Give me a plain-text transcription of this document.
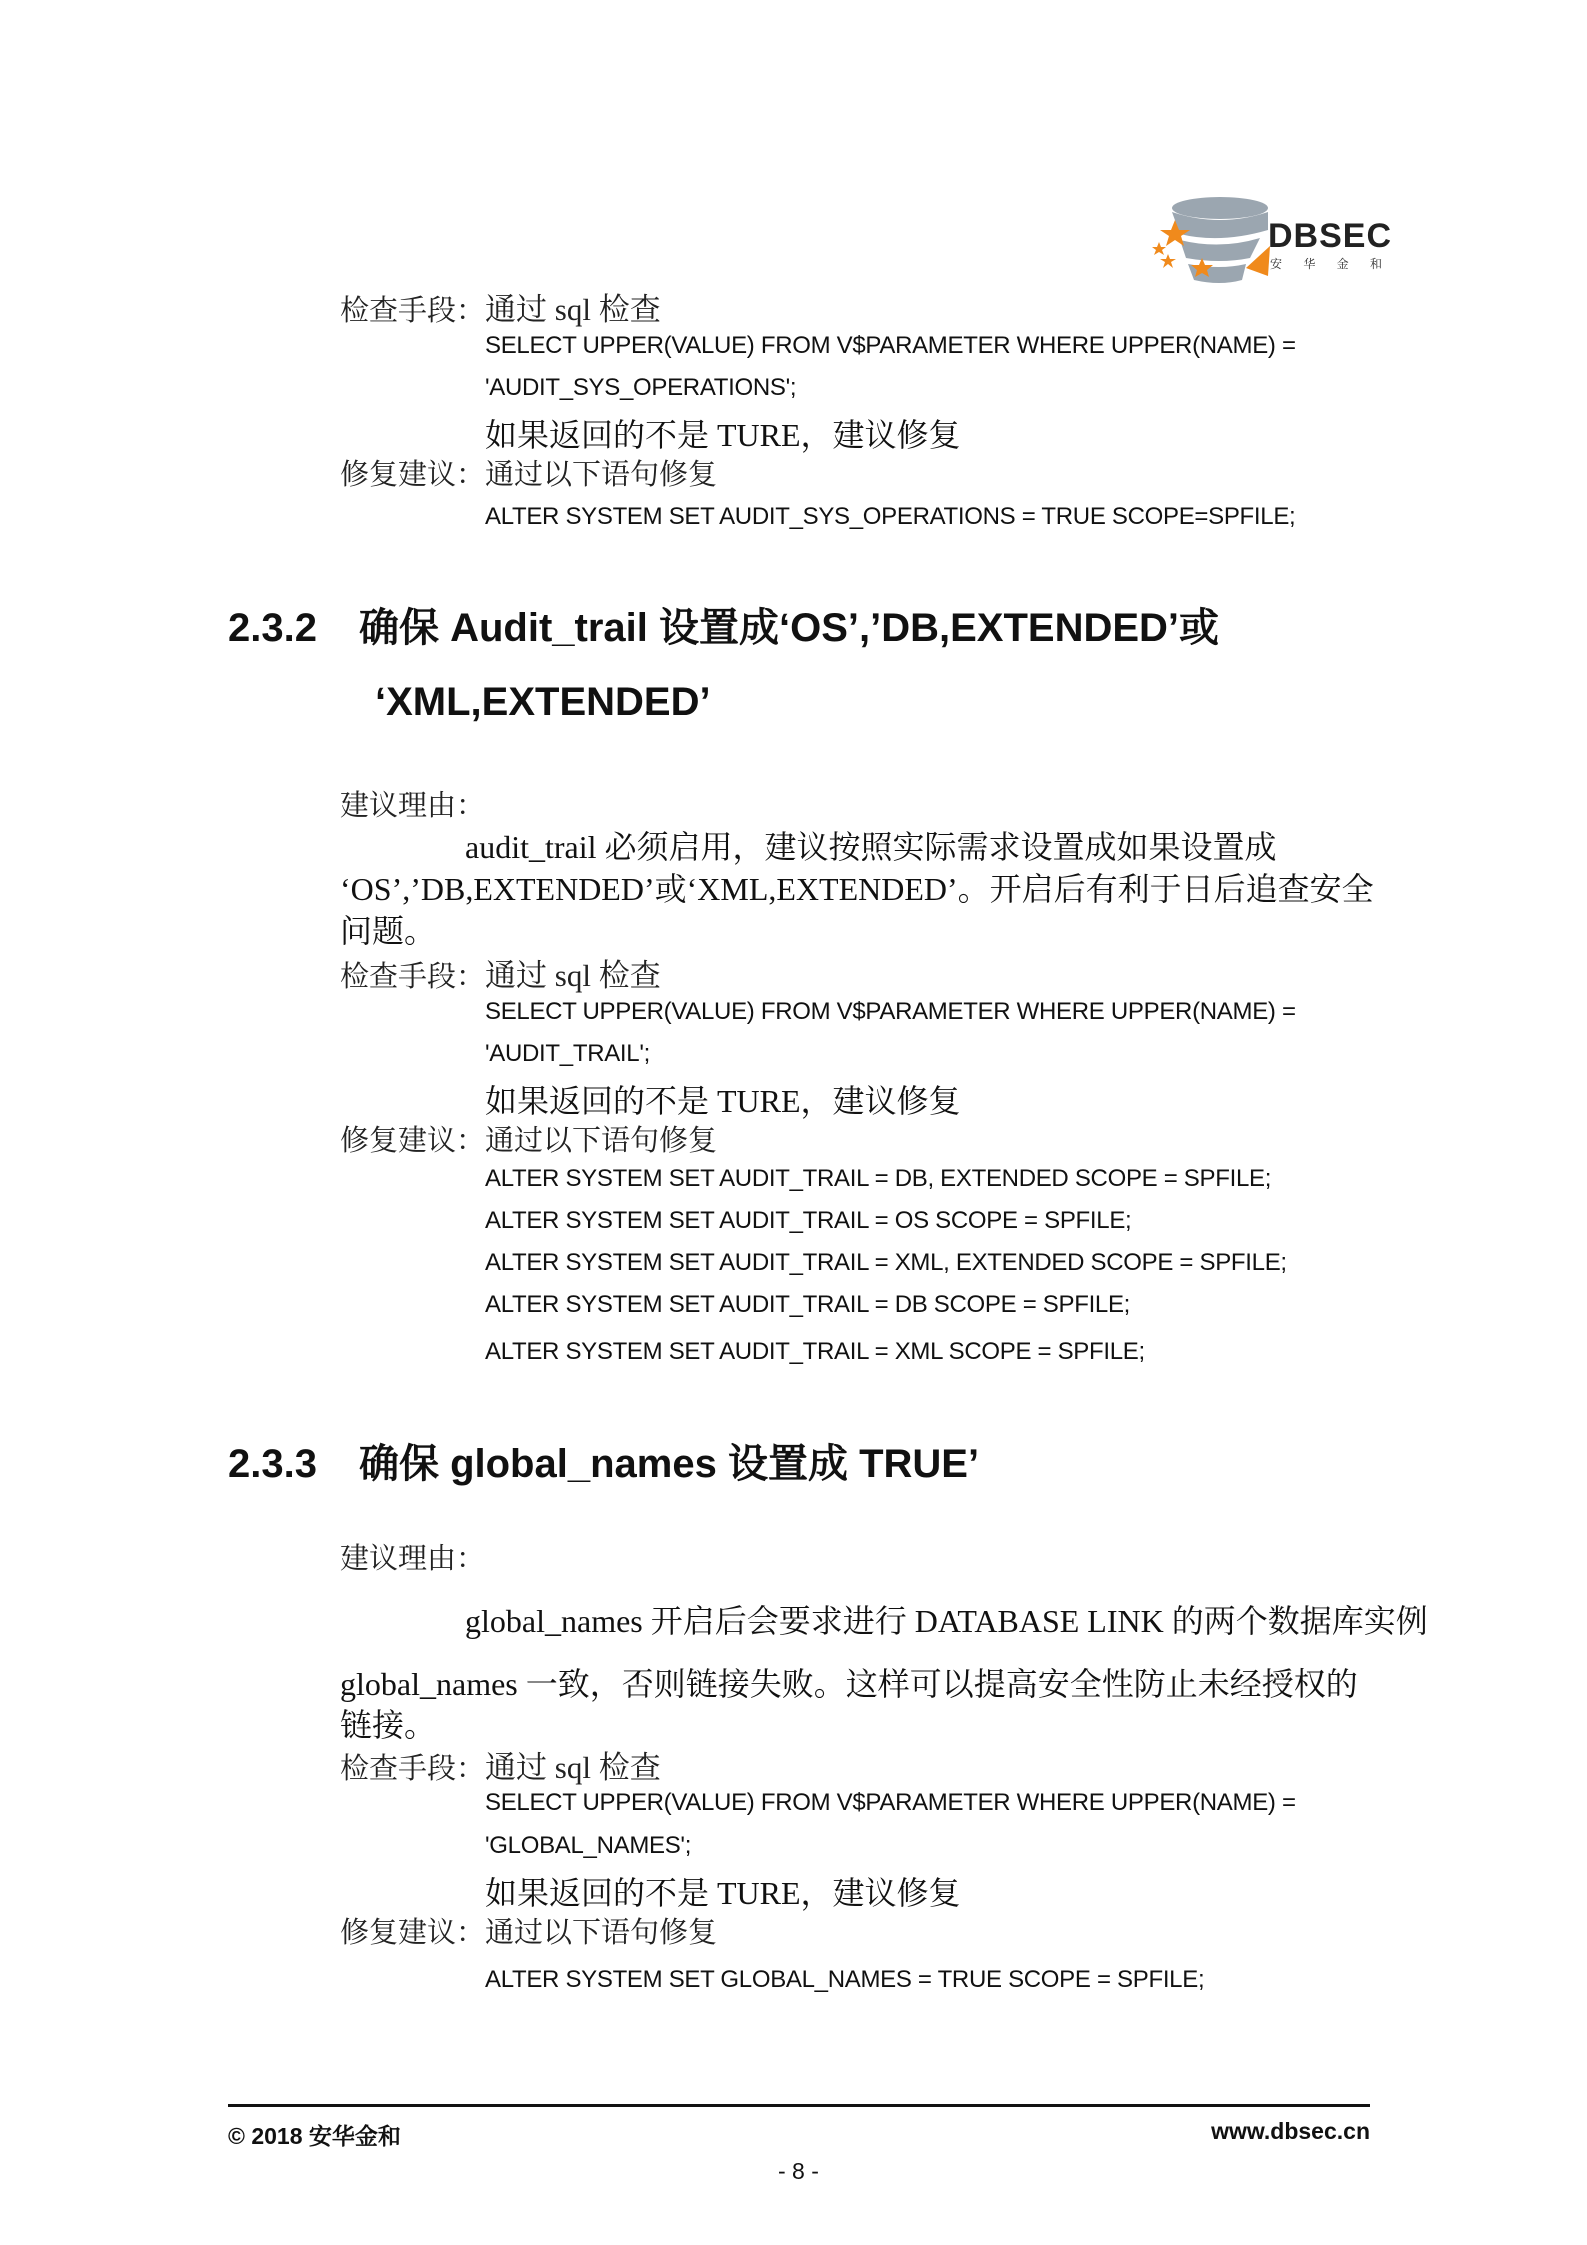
DBSEC
安 华 金 和
检查手段：通过 sql 检查
SELECT UPPER(VALUE) FROM V$PARAMETER WHERE UPPER(NAME) =
'AUDIT_SYS_OPERATIONS';
如果返回的不是 TURE，建议修复
修复建议：通过以下语句修复
ALTER SYSTEM SET AUDIT_SYS_OPERATIONS = TRUE SCOPE=SPFILE;
2.3.2 确保 Audit_trail 设置成‘OS’,’DB,EXTENDED’或
‘XML,EXTENDED’
建议理由：
audit_trail 必须启用，建议按照实际需求设置成如果设置成
‘OS’,’DB,EXTENDED’或‘XML,EXTENDED’。开启后有利于日后追查安全
问题。
检查手段：通过 sql 检查
SELECT UPPER(VALUE) FROM V$PARAMETER WHERE UPPER(NAME) =
'AUDIT_TRAIL';
如果返回的不是 TURE，建议修复
修复建议：通过以下语句修复
ALTER SYSTEM SET AUDIT_TRAIL = DB, EXTENDED SCOPE = SPFILE;
ALTER SYSTEM SET AUDIT_TRAIL = OS SCOPE = SPFILE;
ALTER SYSTEM SET AUDIT_TRAIL = XML, EXTENDED SCOPE = SPFILE;
ALTER SYSTEM SET AUDIT_TRAIL = DB SCOPE = SPFILE;
ALTER SYSTEM SET AUDIT_TRAIL = XML SCOPE = SPFILE;
2.3.3 确保 global_names 设置成 TRUE’
建议理由：
global_names 开启后会要求进行 DATABASE LINK 的两个数据库实例
global_names 一致，否则链接失败。这样可以提高安全性防止未经授权的
链接。
检查手段：通过 sql 检查
SELECT UPPER(VALUE) FROM V$PARAMETER WHERE UPPER(NAME) =
'GLOBAL_NAMES';
如果返回的不是 TURE，建议修复
修复建议：通过以下语句修复
ALTER SYSTEM SET GLOBAL_NAMES = TRUE SCOPE = SPFILE;
© 2018 安华金和	www.dbsec.cn
- 8 -
